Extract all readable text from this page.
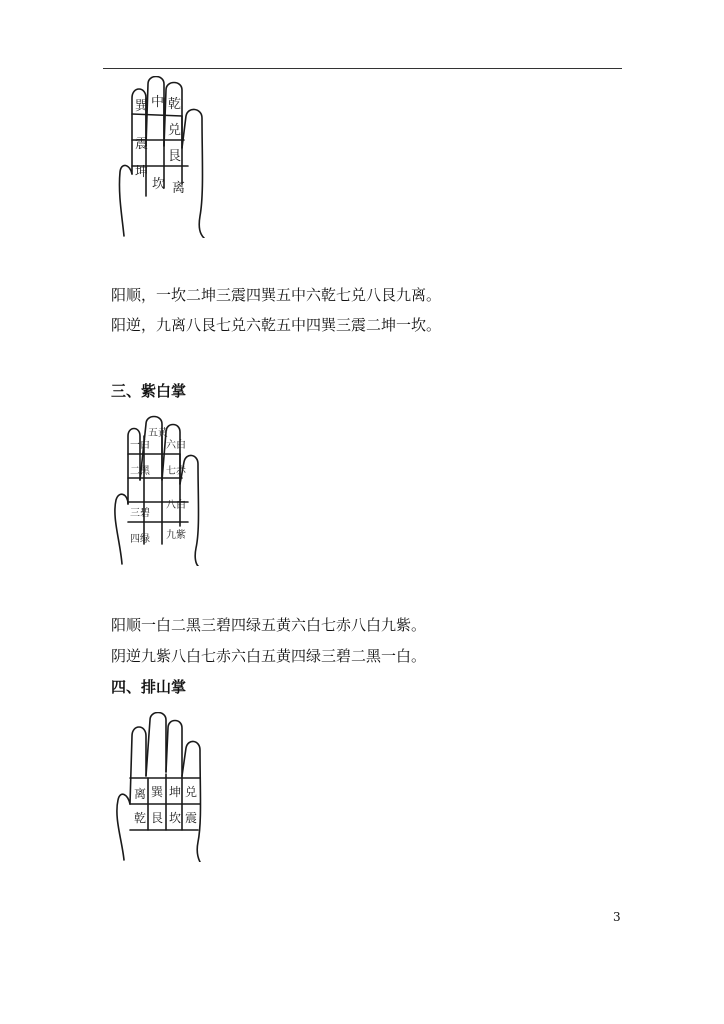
巽 中 乾
兑
艮
坎 离
坤
震
阳顺，一坎二坤三震四巽五中六乾七兑八艮九离。
阳逆，九离八艮七兑六乾五中四巽三震二坤一坎。
三、紫白掌
五黄
六白
七赤
八白
九紫
一白
二黑
三碧
四绿
阳顺一白二黑三碧四绿五黄六白七赤八白九紫。
阴逆九紫八白七赤六白五黄四绿三碧二黑一白。
四、排山掌
离 巽 坤 兑
乾 艮 坎 震
3
